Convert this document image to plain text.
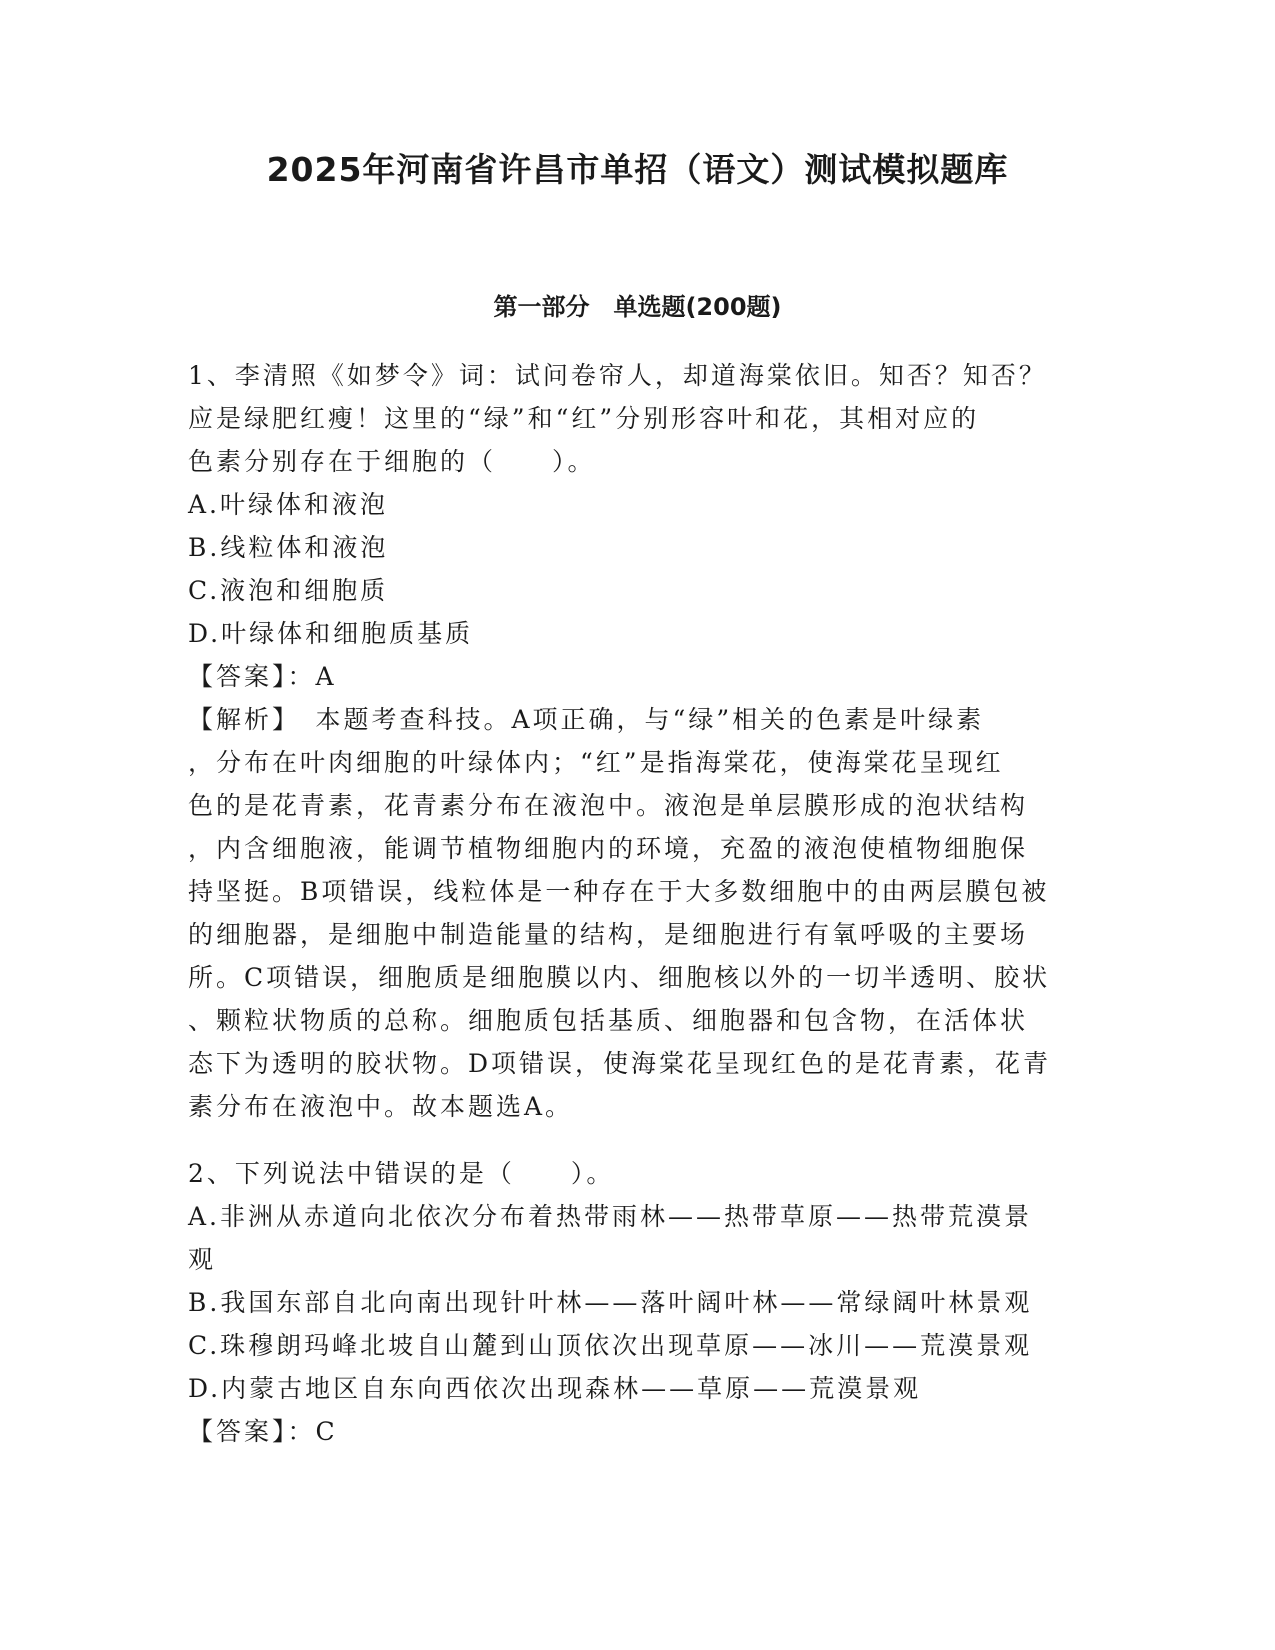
2025年河南省许昌市单招（语文）测试模拟题库
第一部分　单选题(200题)
1、李清照《如梦令》词：试问卷帘人，却道海棠依旧。知否？知否？
应是绿肥红瘦！这里的“绿”和“红”分别形容叶和花，其相对应的
色素分别存在于细胞的（　　）。
A.叶绿体和液泡
B.线粒体和液泡
C.液泡和细胞质
D.叶绿体和细胞质基质
【答案】：A
【解析】　本题考查科技。A项正确，与“绿”相关的色素是叶绿素
，分布在叶肉细胞的叶绿体内；“红”是指海棠花，使海棠花呈现红
色的是花青素，花青素分布在液泡中。液泡是单层膜形成的泡状结构
，内含细胞液，能调节植物细胞内的环境，充盈的液泡使植物细胞保
持坚挺。B项错误，线粒体是一种存在于大多数细胞中的由两层膜包被
的细胞器，是细胞中制造能量的结构，是细胞进行有氧呼吸的主要场
所。C项错误，细胞质是细胞膜以内、细胞核以外的一切半透明、胶状
、颗粒状物质的总称。细胞质包括基质、细胞器和包含物，在活体状
态下为透明的胶状物。D项错误，使海棠花呈现红色的是花青素，花青
素分布在液泡中。故本题选A。
2、下列说法中错误的是（　　）。
A.非洲从赤道向北依次分布着热带雨林——热带草原——热带荒漠景
观
B.我国东部自北向南出现针叶林——落叶阔叶林——常绿阔叶林景观
C.珠穆朗玛峰北坡自山麓到山顶依次出现草原——冰川——荒漠景观
D.内蒙古地区自东向西依次出现森林——草原——荒漠景观
【答案】：C
